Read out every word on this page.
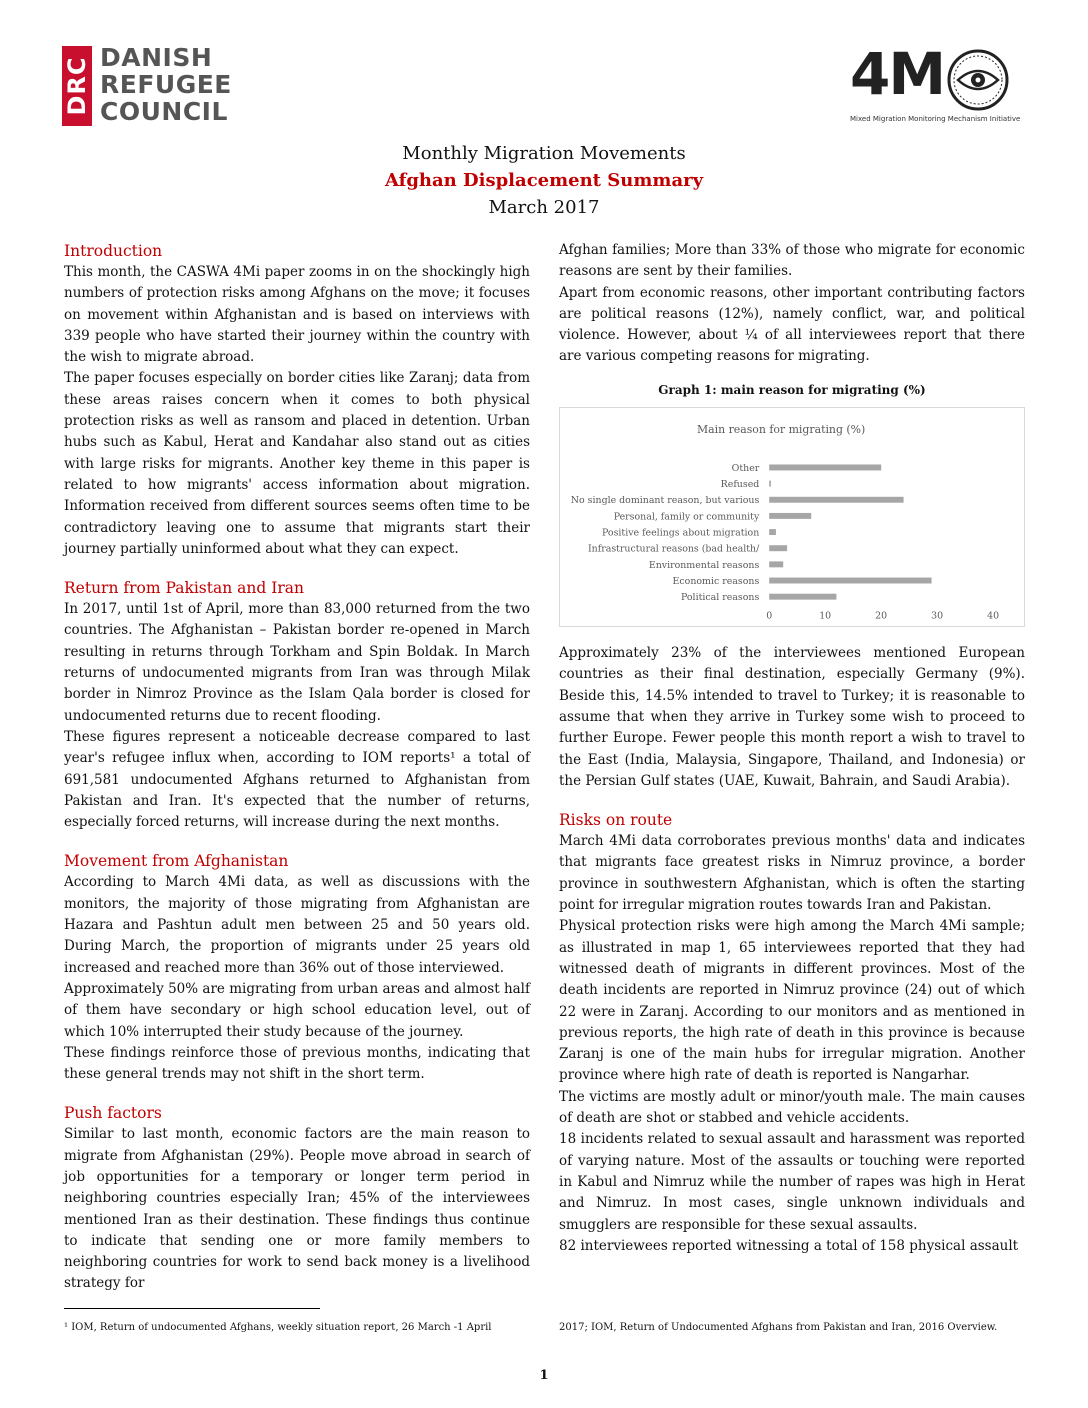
DRC DANISH
REFUGEE
COUNCIL
4M
Mixed Migration Monitoring Mechanism Initiative
Monthly Migration Movements
Afghan Displacement Summary
March 2017
Introduction

This month, the CASWA 4Mi paper zooms in on the shockingly high numbers of protection risks among Afghans on the move; it focuses on movement within Afghanistan and is based on interviews with 339 people who have started their journey within the country with the wish to migrate abroad.

The paper focuses especially on border cities like Zaranj; data from these areas raises concern when it comes to both physical protection risks as well as ransom and placed in detention. Urban hubs such as Kabul, Herat and Kandahar also stand out as cities with large risks for migrants. Another key theme in this paper is related to how migrants' access information about migration. Information received from different sources seems often time to be contradictory leaving one to assume that migrants start their journey partially uninformed about what they can expect.

Return from Pakistan and Iran

In 2017, until 1st of April, more than 83,000 returned from the two countries. The Afghanistan – Pakistan border re-opened in March resulting in returns through Torkham and Spin Boldak. In March returns of undocumented migrants from Iran was through Milak border in Nimroz Province as the Islam Qala border is closed for undocumented returns due to recent flooding.

These figures represent a noticeable decrease compared to last year's refugee influx when, according to IOM reports¹ a total of 691,581 undocumented Afghans returned to Afghanistan from Pakistan and Iran. It's expected that the number of returns, especially forced returns, will increase during the next months.

Movement from Afghanistan

According to March 4Mi data, as well as discussions with the monitors, the majority of those migrating from Afghanistan are Hazara and Pashtun adult men between 25 and 50 years old. During March, the proportion of migrants under 25 years old increased and reached more than 36% out of those interviewed.

Approximately 50% are migrating from urban areas and almost half of them have secondary or high school education level, out of which 10% interrupted their study because of the journey.

These findings reinforce those of previous months, indicating that these general trends may not shift in the short term.

Push factors

Similar to last month, economic factors are the main reason to migrate from Afghanistan (29%). People move abroad in search of job opportunities for a temporary or longer term period in neighboring countries especially Iran; 45% of the interviewees mentioned Iran as their destination. These findings thus continue to indicate that sending one or more family members to neighboring countries for work to send back money is a livelihood strategy for

Afghan families; More than 33% of those who migrate for economic reasons are sent by their families.

Apart from economic reasons, other important contributing factors are political reasons (12%), namely conflict, war, and political violence. However, about ¼ of all interviewees report that there are various competing reasons for migrating.

Graph 1: main reason for migrating (%)
Main reason for migrating (%)
Other
Refused
No single dominant reason, but various
Personal, family or community
Positive feelings about migration
Infrastructural reasons (bad health/
Environmental reasons
Economic reasons
Political reasons
0	10	20	30	40

Approximately 23% of the interviewees mentioned European countries as their final destination, especially Germany (9%). Beside this, 14.5% intended to travel to Turkey; it is reasonable to assume that when they arrive in Turkey some wish to proceed to further Europe. Fewer people this month report a wish to travel to the East (India, Malaysia, Singapore, Thailand, and Indonesia) or the Persian Gulf states (UAE, Kuwait, Bahrain, and Saudi Arabia).

Risks on route

March 4Mi data corroborates previous months' data and indicates that migrants face greatest risks in Nimruz province, a border province in southwestern Afghanistan, which is often the starting point for irregular migration routes towards Iran and Pakistan.

Physical protection risks were high among the March 4Mi sample; as illustrated in map 1, 65 interviewees reported that they had witnessed death of migrants in different provinces. Most of the death incidents are reported in Nimruz province (24) out of which 22 were in Zaranj. According to our monitors and as mentioned in previous reports, the high rate of death in this province is because Zaranj is one of the main hubs for irregular migration. Another province where high rate of death is reported is Nangarhar.

The victims are mostly adult or minor/youth male. The main causes of death are shot or stabbed and vehicle accidents.

18 incidents related to sexual assault and harassment was reported of varying nature. Most of the assaults or touching were reported in Kabul and Nimruz while the number of rapes was high in Herat and Nimruz. In most cases, single unknown individuals and smugglers are responsible for these sexual assaults.

82 interviewees reported witnessing a total of 158 physical assault

¹ IOM, Return of undocumented Afghans, weekly situation report, 26 March -1 April	2017; IOM, Return of Undocumented Afghans from Pakistan and Iran, 2016 Overview.
1
